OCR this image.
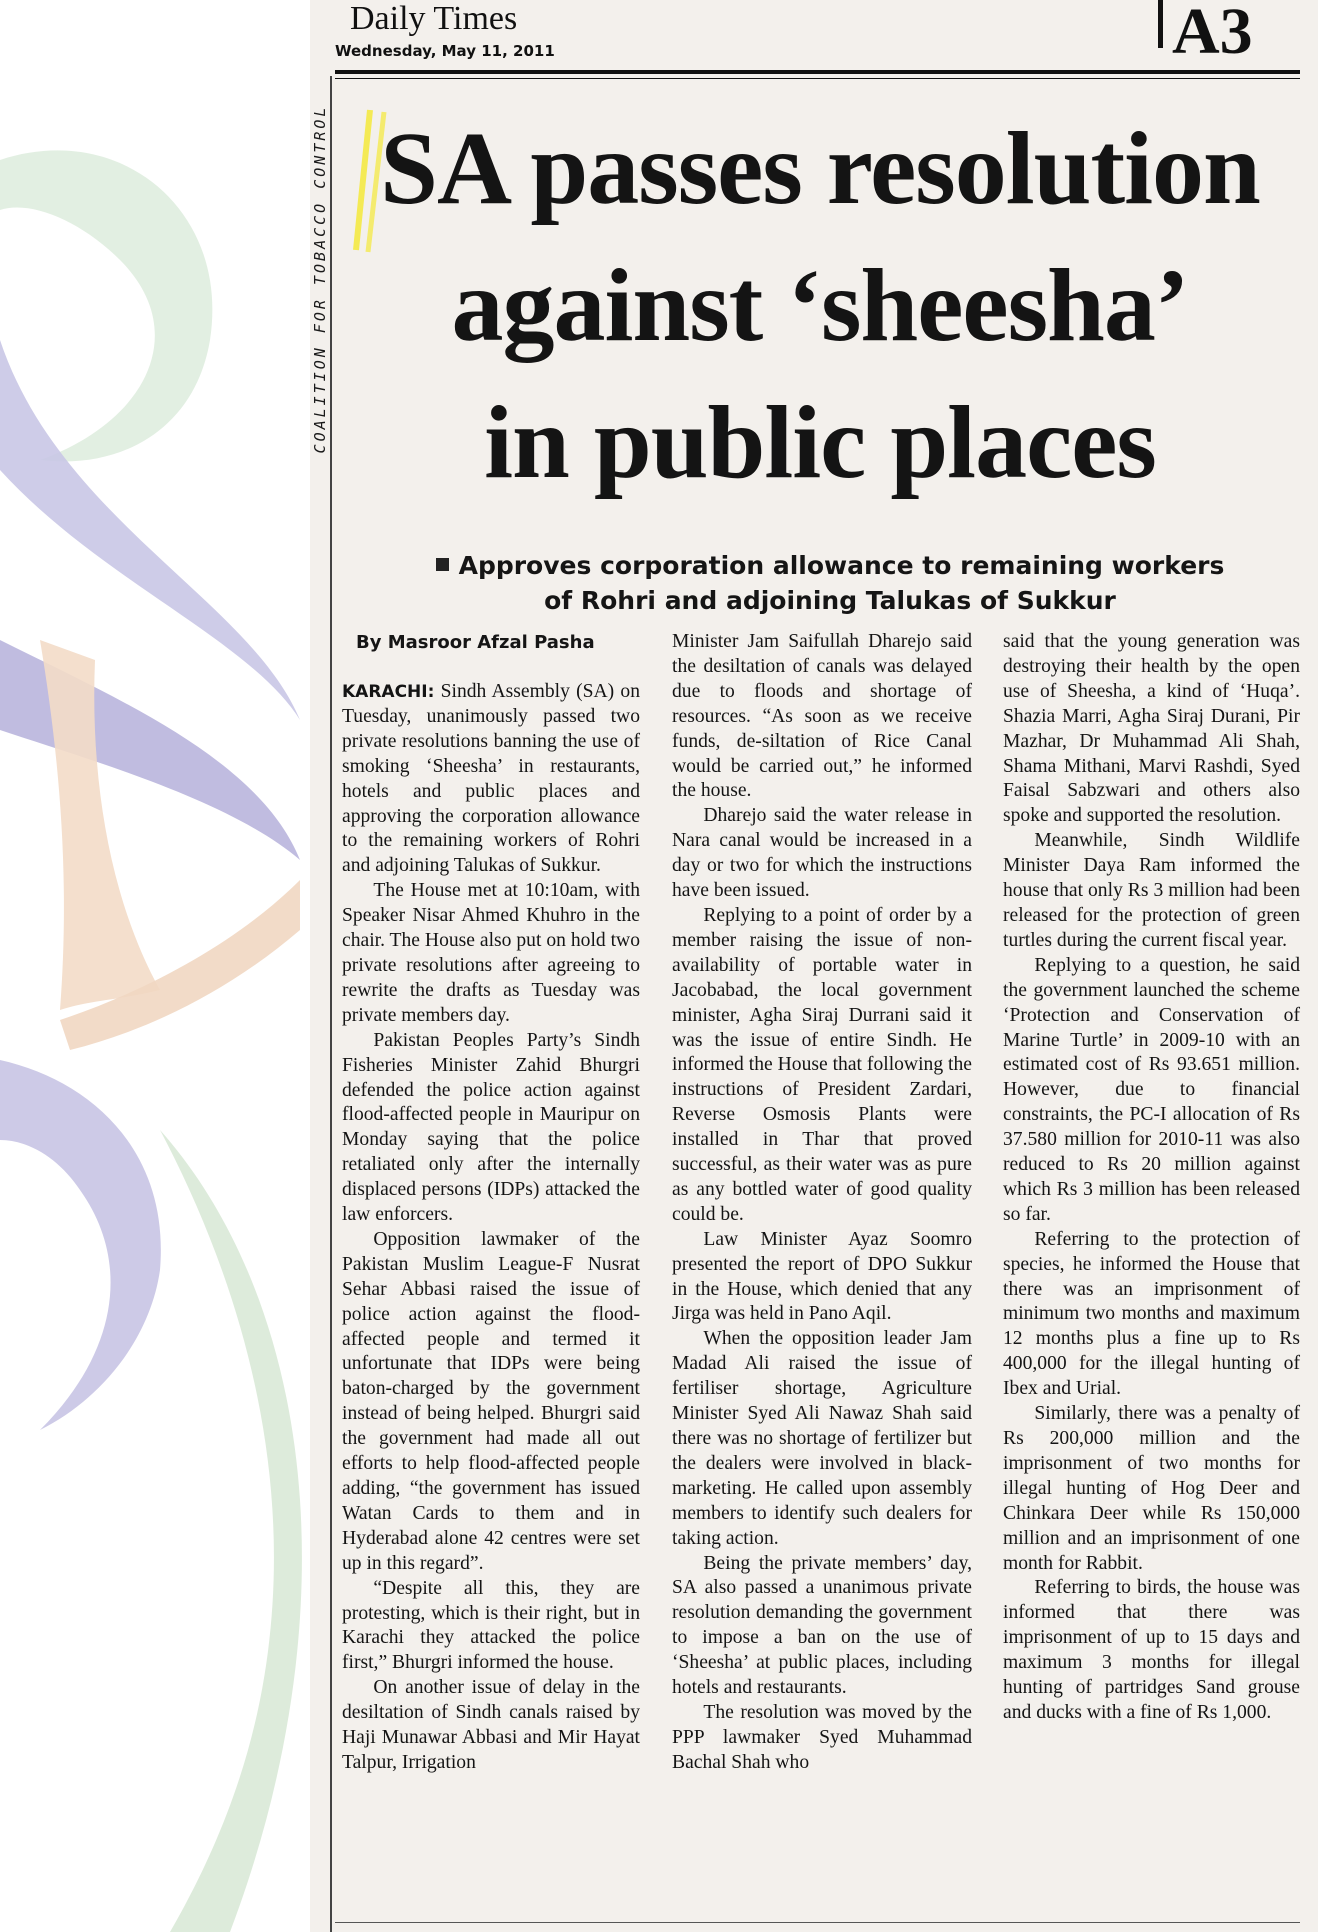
COALITION FOR TOBACCO CONTROL
Daily Times
Wednesday, May 11, 2011	A3
SA passes resolution
against ‘sheesha’
in public places
Approves corporation allowance to remaining workers
of Rohri and adjoining Talukas of Sukkur
By Masroor Afzal Pasha

KARACHI: Sindh Assembly (SA) on Tuesday, unanimously passed two private resolutions banning the use of smoking ‘Sheesha’ in restaurants, hotels and public places and approving the corporation allowance to the remaining workers of Rohri and adjoining Talukas of Sukkur.

The House met at 10:10am, with Speaker Nisar Ahmed Khuhro in the chair. The House also put on hold two private resolutions after agreeing to rewrite the drafts as Tuesday was private members day.

Pakistan Peoples Party’s Sindh Fisheries Minister Zahid Bhurgri defended the police action against flood-affected people in Mauripur on Monday saying that the police retaliated only after the internally displaced persons (IDPs) attacked the law enforcers.

Opposition lawmaker of the Pakistan Muslim League-F Nusrat Sehar Abbasi raised the issue of police action against the flood-affected people and termed it unfortunate that IDPs were being baton-charged by the government instead of being helped. Bhurgri said the government had made all out efforts to help flood-affected people adding, “the government has issued Watan Cards to them and in Hyderabad alone 42 centres were set up in this regard”.

“Despite all this, they are protesting, which is their right, but in Karachi they attacked the police first,” Bhurgri informed the house.

On another issue of delay in the desiltation of Sindh canals raised by Haji Munawar Abbasi and Mir Hayat Talpur, Irrigation

Minister Jam Saifullah Dharejo said the desiltation of canals was delayed due to floods and shortage of resources. “As soon as we receive funds, de-siltation of Rice Canal would be carried out,” he informed the house.

Dharejo said the water release in Nara canal would be increased in a day or two for which the instructions have been issued.

Replying to a point of order by a member raising the issue of non-availability of portable water in Jacobabad, the local government minister, Agha Siraj Durrani said it was the issue of entire Sindh. He informed the House that following the instructions of President Zardari, Reverse Osmosis Plants were installed in Thar that proved successful, as their water was as pure as any bottled water of good quality could be.

Law Minister Ayaz Soomro presented the report of DPO Sukkur in the House, which denied that any Jirga was held in Pano Aqil.

When the opposition leader Jam Madad Ali raised the issue of fertiliser shortage, Agriculture Minister Syed Ali Nawaz Shah said there was no shortage of fertilizer but the dealers were involved in black-marketing. He called upon assembly members to identify such dealers for taking action.

Being the private members’ day, SA also passed a unanimous private resolution demanding the government to impose a ban on the use of ‘Sheesha’ at public places, including hotels and restaurants.

The resolution was moved by the PPP lawmaker Syed Muhammad Bachal Shah who

said that the young generation was destroying their health by the open use of Sheesha, a kind of ‘Huqa’. Shazia Marri, Agha Siraj Durani, Pir Mazhar, Dr Muhammad Ali Shah, Shama Mithani, Marvi Rashdi, Syed Faisal Sabzwari and others also spoke and supported the resolution.

Meanwhile, Sindh Wildlife Minister Daya Ram informed the house that only Rs 3 million had been released for the protection of green turtles during the current fiscal year.

Replying to a question, he said the government launched the scheme ‘Protection and Conservation of Marine Turtle’ in 2009-10 with an estimated cost of Rs 93.651 million. However, due to financial constraints, the PC-I allocation of Rs 37.580 million for 2010-11 was also reduced to Rs 20 million against which Rs 3 million has been released so far.

Referring to the protection of species, he informed the House that there was an imprisonment of minimum two months and maximum 12 months plus a fine up to Rs 400,000 for the illegal hunting of Ibex and Urial.

Similarly, there was a penalty of Rs 200,000 million and the imprisonment of two months for illegal hunting of Hog Deer and Chinkara Deer while Rs 150,000 million and an imprisonment of one month for Rabbit.

Referring to birds, the house was informed that there was imprisonment of up to 15 days and maximum 3 months for illegal hunting of partridges Sand grouse and ducks with a fine of Rs 1,000.
